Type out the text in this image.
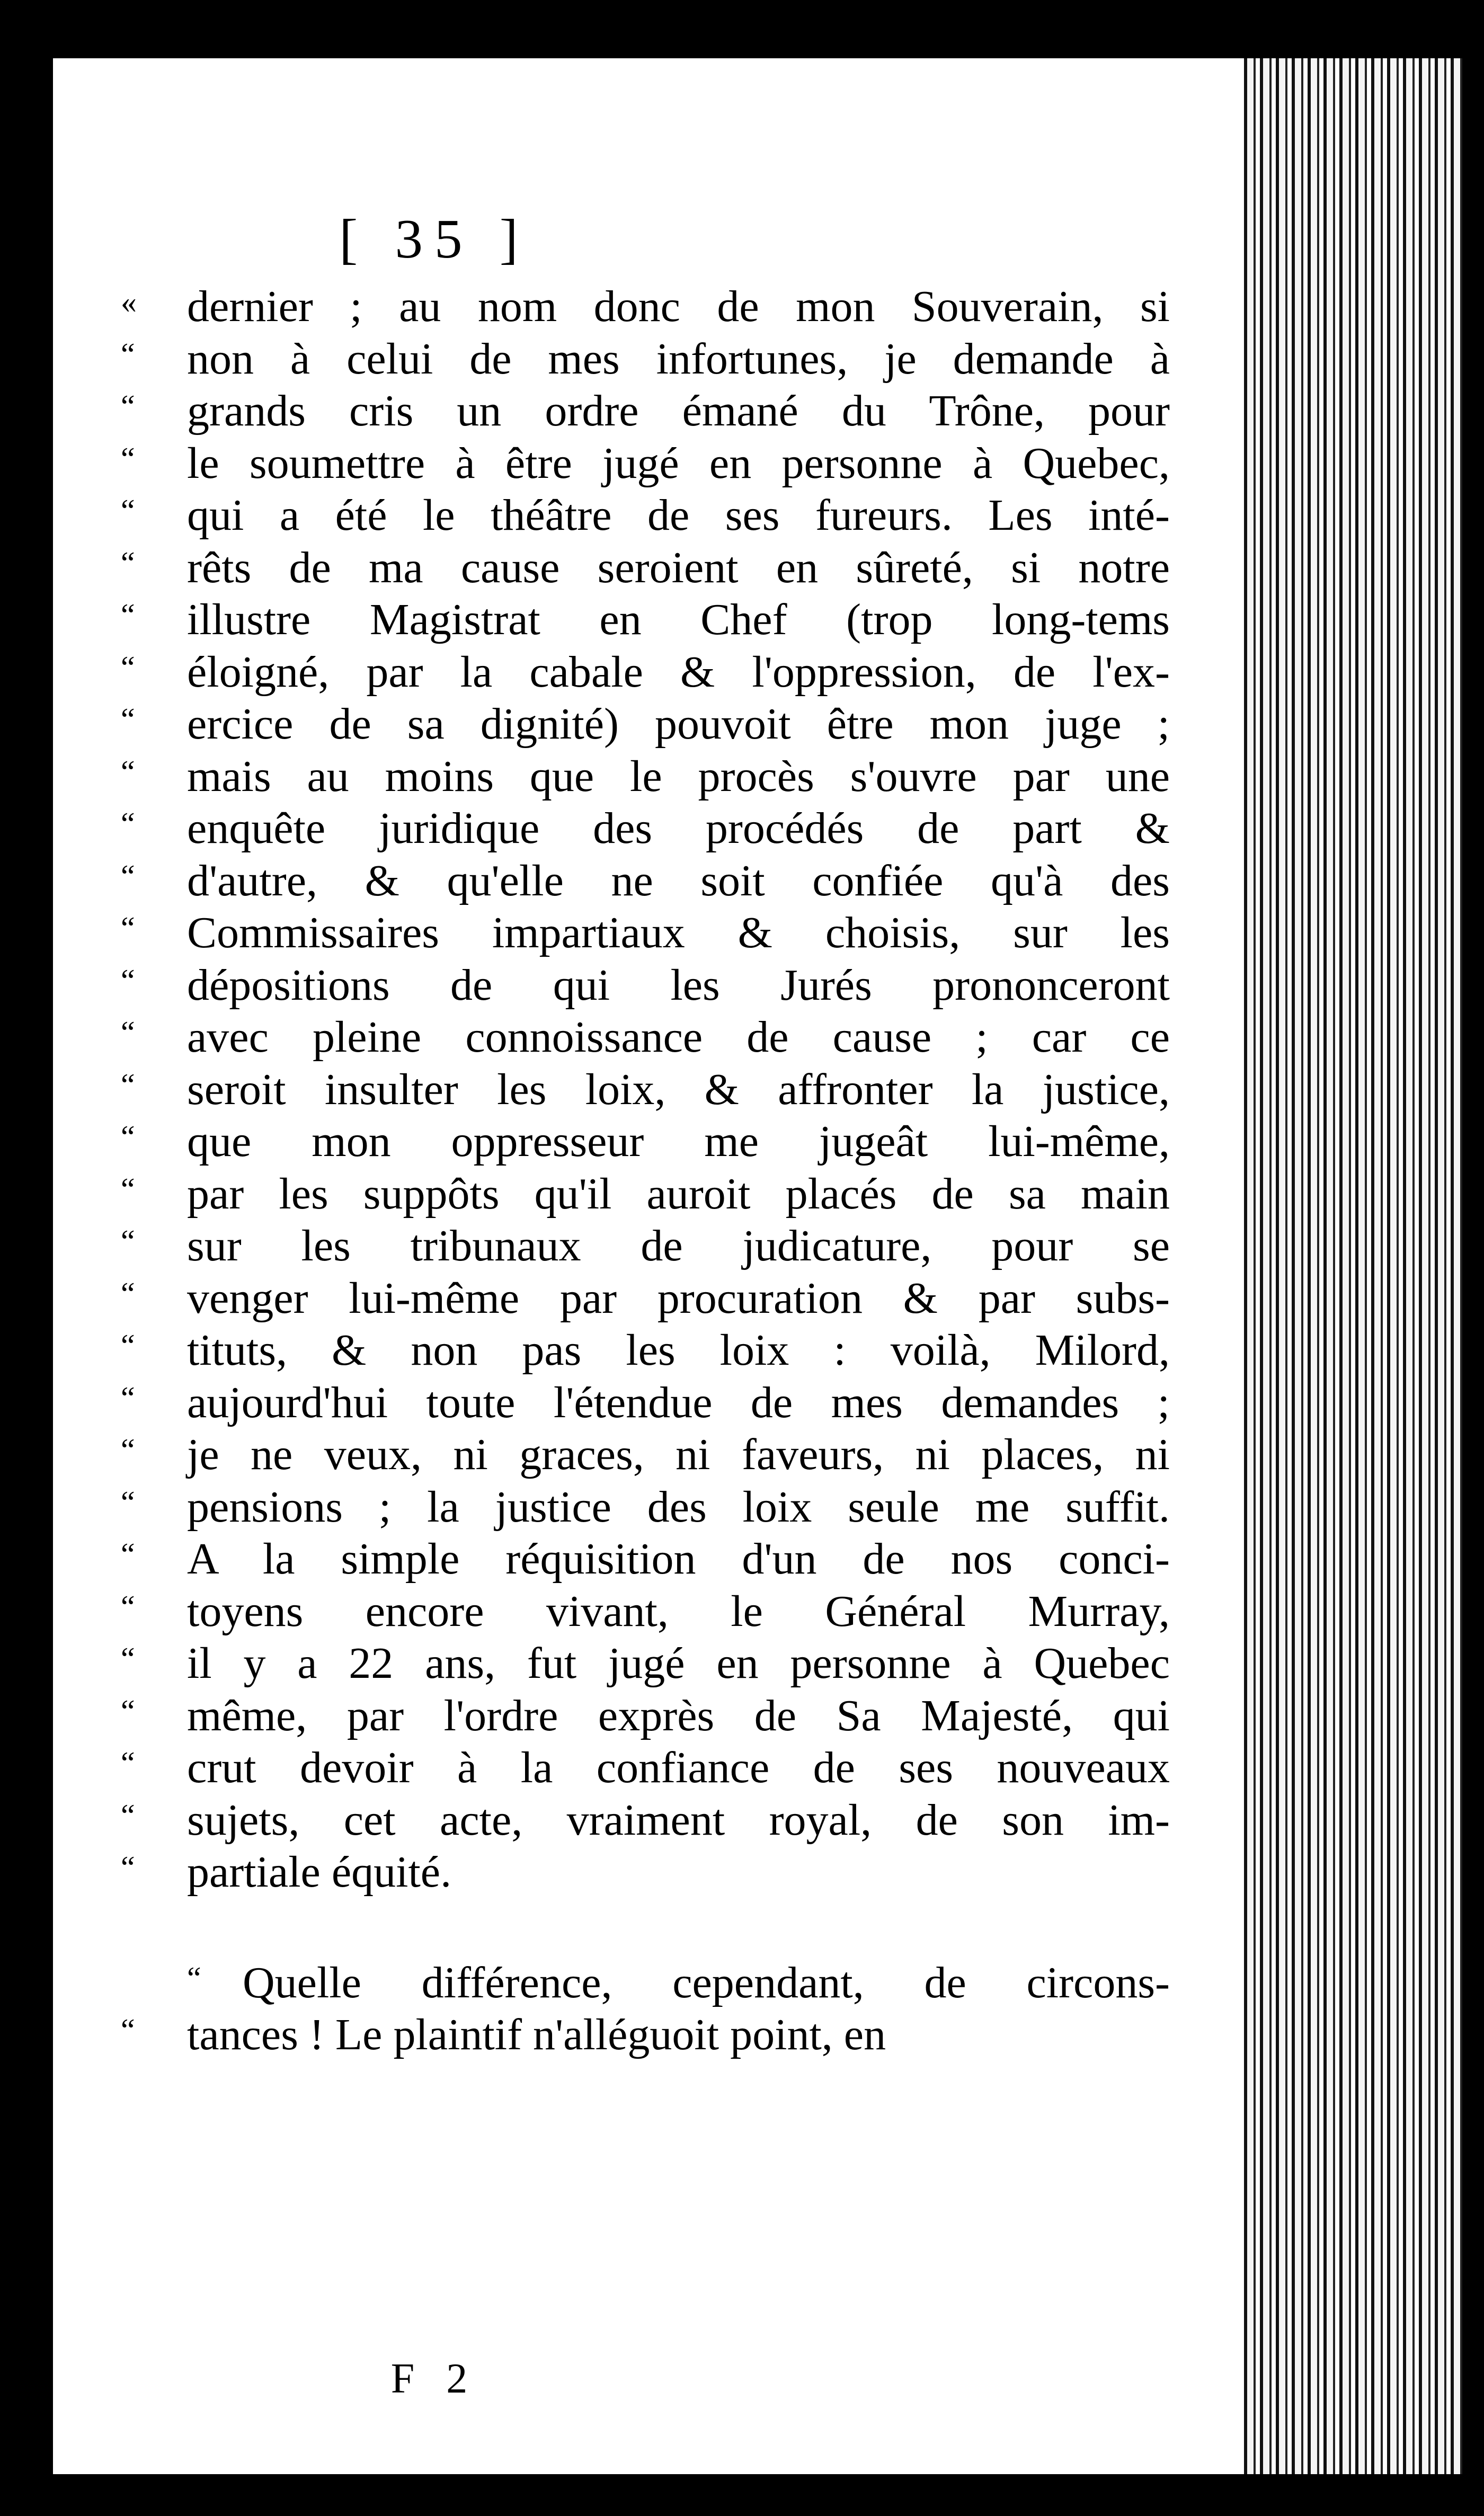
[ 35 ]
«	dernier ; au nom donc de mon Souverain, si
“	non à celui de mes infortunes, je demande à
“	grands cris un ordre émané du Trône, pour
“	le soumettre à être jugé en personne à Quebec,
“	qui a été le théâtre de ses fureurs. Les inté-
“	rêts de ma cause seroient en sûreté, si notre
“	illustre Magistrat en Chef (trop long-tems
“	éloigné, par la cabale & l'oppression, de l'ex-
“	ercice de sa dignité) pouvoit être mon juge ;
“	mais au moins que le procès s'ouvre par une
“	enquête juridique des procédés de part &
“	d'autre, & qu'elle ne soit confiée qu'à des
“	Commissaires impartiaux & choisis, sur les
“	dépositions de qui les Jurés prononceront
“	avec pleine connoissance de cause ; car ce
“	seroit insulter les loix, & affronter la justice,
“	que mon oppresseur me jugeât lui-même,
“	par les suppôts qu'il auroit placés de sa main
“	sur les tribunaux de judicature, pour se
“	venger lui-même par procuration & par subs-
“	tituts, & non pas les loix : voilà, Milord,
“	aujourd'hui toute l'étendue de mes demandes ;
“	je ne veux, ni graces, ni faveurs, ni places, ni
“	pensions ; la justice des loix seule me suffit.
“	A la simple réquisition d'un de nos conci-
“	toyens encore vivant, le Général Murray,
“	il y a 22 ans, fut jugé en personne à Quebec
“	même, par l'ordre exprès de Sa Majesté, qui
“	crut devoir à la confiance de ses nouveaux
“	sujets, cet acte, vraiment royal, de son im-
“	partiale équité.
“ Quelle différence, cependant, de circons-
“	tances ! Le plaintif n'alléguoit point, en
F 2
